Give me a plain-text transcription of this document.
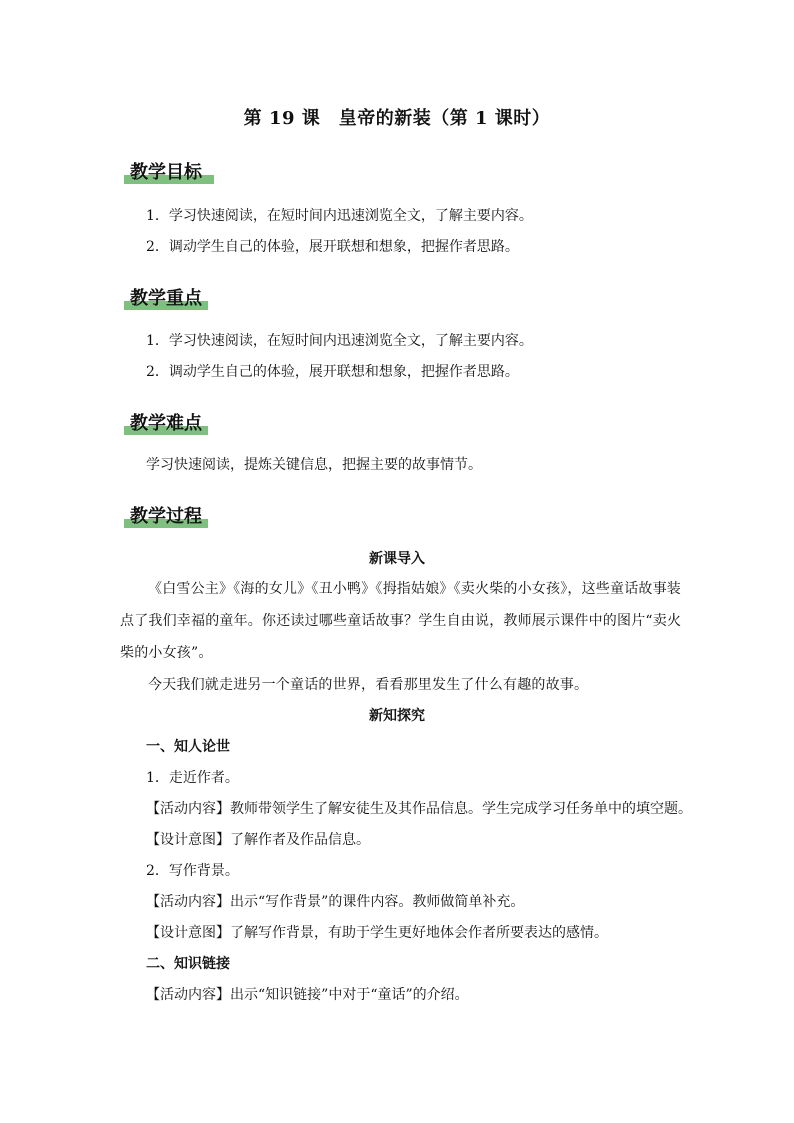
第 19 课　皇帝的新装（第 1 课时）
教学目标
1．学习快速阅读，在短时间内迅速浏览全文，了解主要内容。
2．调动学生自己的体验，展开联想和想象，把握作者思路。
教学重点
1．学习快速阅读，在短时间内迅速浏览全文，了解主要内容。
2．调动学生自己的体验，展开联想和想象，把握作者思路。
教学难点
学习快速阅读，提炼关键信息，把握主要的故事情节。
教学过程
新课导入
《白雪公主》《海的女儿》《丑小鸭》《拇指姑娘》《卖火柴的小女孩》，这些童话故事装点了我们幸福的童年。你还读过哪些童话故事？学生自由说，教师展示课件中的图片“卖火柴的小女孩”。
今天我们就走进另一个童话的世界，看看那里发生了什么有趣的故事。
新知探究
一、知人论世
1．走近作者。
【活动内容】教师带领学生了解安徒生及其作品信息。学生完成学习任务单中的填空题。
【设计意图】了解作者及作品信息。
2．写作背景。
【活动内容】出示“写作背景”的课件内容。教师做简单补充。
【设计意图】了解写作背景，有助于学生更好地体会作者所要表达的感情。
二、知识链接
【活动内容】出示“知识链接”中对于“童话”的介绍。
